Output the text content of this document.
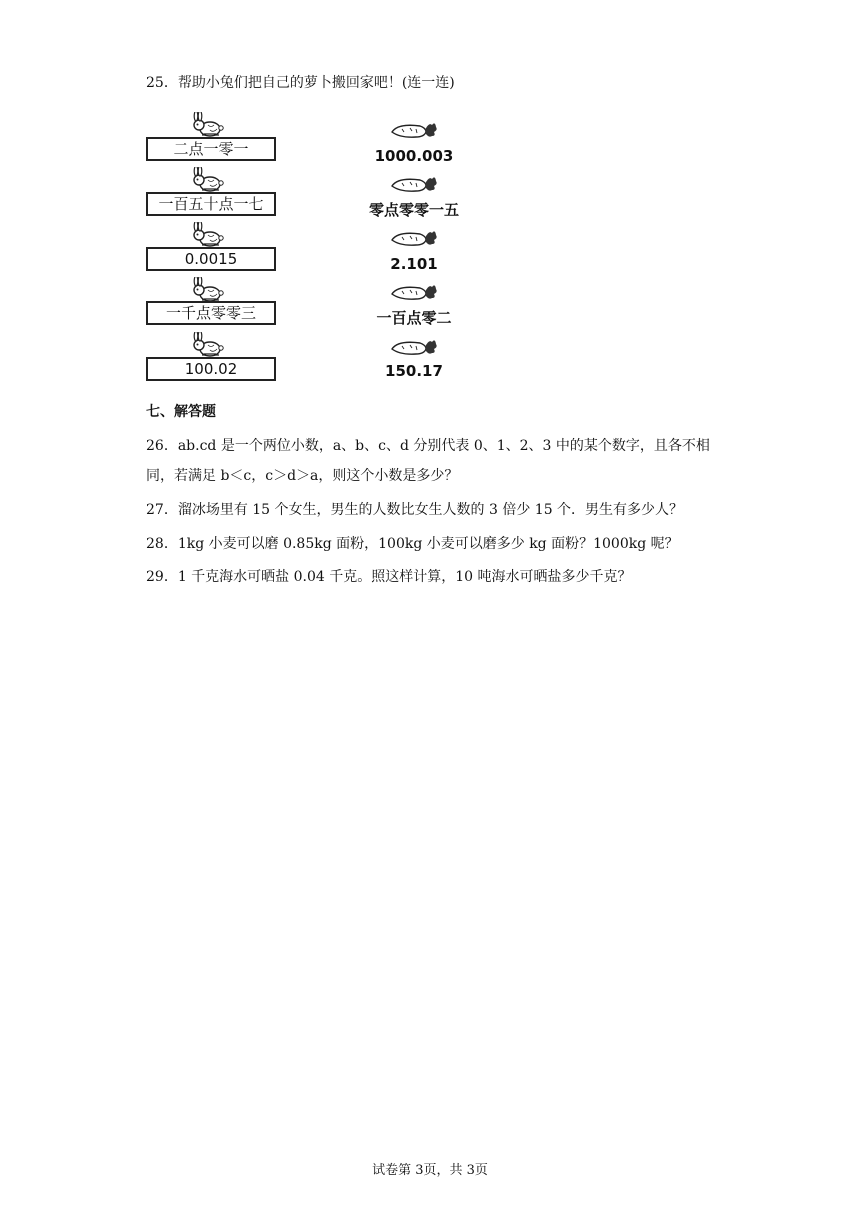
25．帮助小兔们把自己的萝卜搬回家吧！(连一连)
二点一零一
一百五十点一七
0.0015
一千点零零三
100.02
1000.003
零点零零一五
2.101
一百点零二
150.17
七、解答题
26．ab.cd 是一个两位小数，a、b、c、d 分别代表 0、1、2、3 中的某个数字，且各不相
同，若满足 b＜c，c＞d＞a，则这个小数是多少？
27．溜冰场里有 15 个女生，男生的人数比女生人数的 3 倍少 15 个．男生有多少人？
28．1kg 小麦可以磨 0.85kg 面粉，100kg 小麦可以磨多少 kg 面粉？1000kg 呢？
29．1 千克海水可晒盐 0.04 千克。照这样计算，10 吨海水可晒盐多少千克？
试卷第 3页，共 3页
